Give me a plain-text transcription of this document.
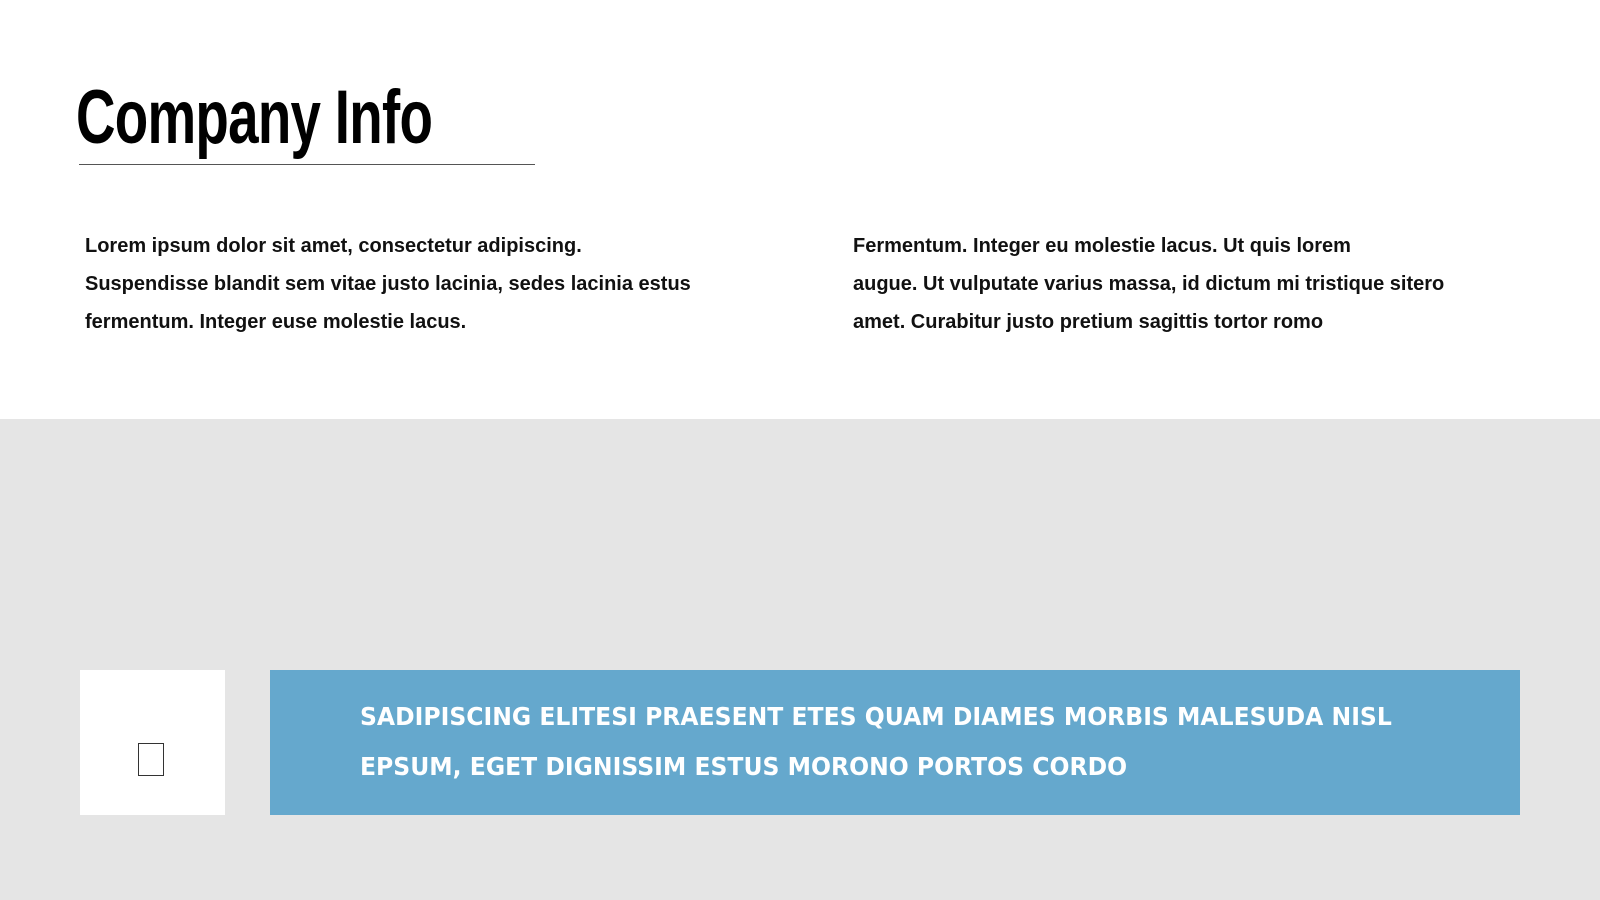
Company Info

Lorem ipsum dolor sit amet, consectetur adipiscing.
Suspendisse blandit sem vitae justo lacinia, sedes lacinia estus
fermentum. Integer euse molestie lacus.

Fermentum. Integer eu molestie lacus. Ut quis lorem
augue. Ut vulputate varius massa, id dictum mi tristique sitero
amet. Curabitur justo pretium sagittis tortor romo

SADIPISCING ELITESI PRAESENT ETES QUAM DIAMES MORBIS MALESUDA NISL
EPSUM, EGET DIGNISSIM ESTUS MORONO PORTOS CORDO
